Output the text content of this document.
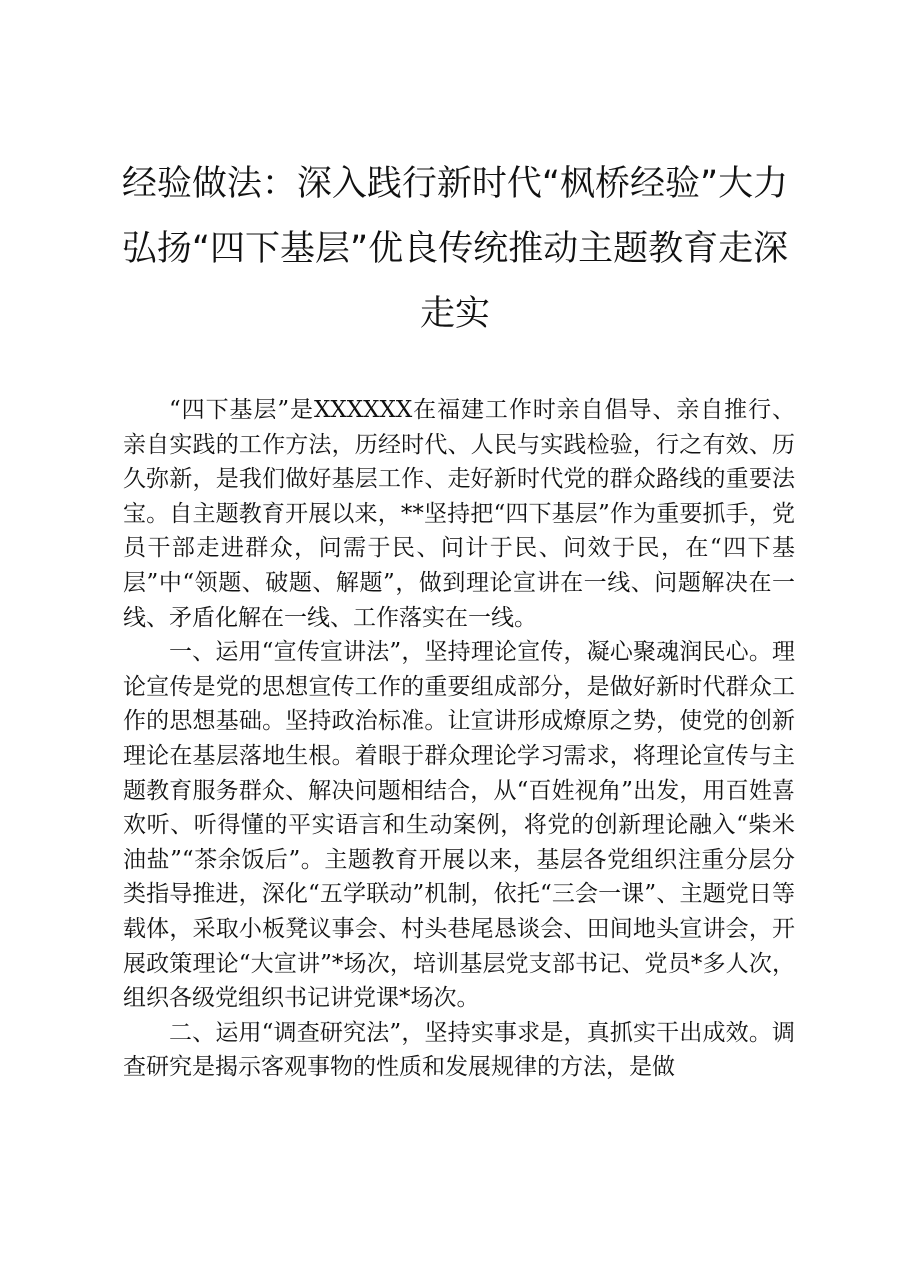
经验做法：深入践行新时代“枫桥经验”大力弘扬“四下基层”优良传统推动主题教育走深走实

“四下基层”是XXXXXX在福建工作时亲自倡导、亲自推行、亲自实践的工作方法，历经时代、人民与实践检验，行之有效、历久弥新，是我们做好基层工作、走好新时代党的群众路线的重要法宝。自主题教育开展以来，**坚持把“四下基层”作为重要抓手，党员干部走进群众，问需于民、问计于民、问效于民，在“四下基层”中“领题、破题、解题”，做到理论宣讲在一线、问题解决在一线、矛盾化解在一线、工作落实在一线。

一、运用“宣传宣讲法”，坚持理论宣传，凝心聚魂润民心。理论宣传是党的思想宣传工作的重要组成部分，是做好新时代群众工作的思想基础。坚持政治标准。让宣讲形成燎原之势，使党的创新理论在基层落地生根。着眼于群众理论学习需求，将理论宣传与主题教育服务群众、解决问题相结合，从“百姓视角”出发，用百姓喜欢听、听得懂的平实语言和生动案例，将党的创新理论融入“柴米油盐”“茶余饭后”。主题教育开展以来，基层各党组织注重分层分类指导推进，深化“五学联动”机制，依托“三会一课”、主题党日等载体，采取小板凳议事会、村头巷尾恳谈会、田间地头宣讲会，开展政策理论“大宣讲”*场次，培训基层党支部书记、党员*多人次，组织各级党组织书记讲党课*场次。

二、运用“调查研究法”，坚持实事求是，真抓实干出成效。调查研究是揭示客观事物的性质和发展规律的方法，是做
